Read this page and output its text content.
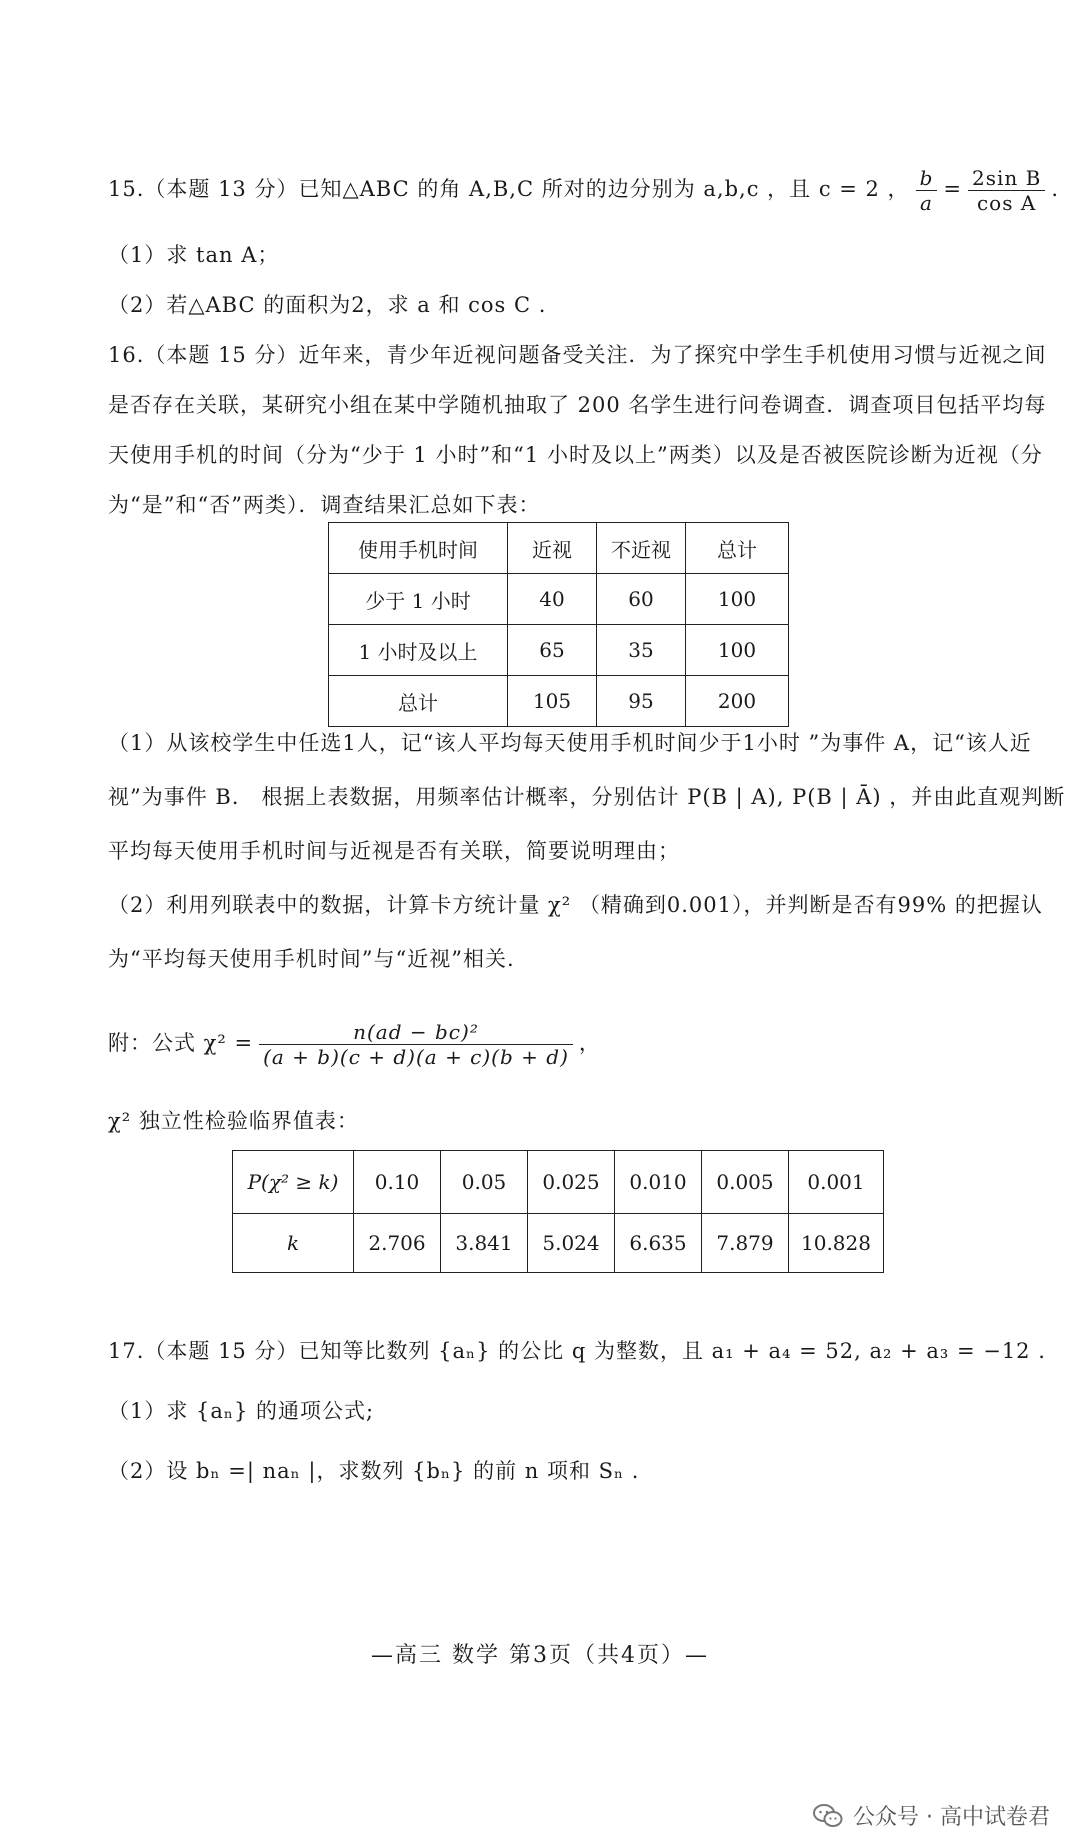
15.（本题 13 分）已知△ABC 的角 A,B,C 所对的边分别为 a,b,c ，且 c = 2 ， $\frac{b}{a} = \frac{\text{2sin B}}{\text{cos A}}$ .
（1）求 tan A；
（2）若△ABC 的面积为2，求 a 和 cos C .
16.（本题 15 分）近年来，青少年近视问题备受关注．为了探究中学生手机使用习惯与近视之间
是否存在关联，某研究小组在某中学随机抽取了 200 名学生进行问卷调查．调查项目包括平均每
天使用手机的时间（分为“少于 1 小时”和“1 小时及以上”两类）以及是否被医院诊断为近视（分
为“是”和“否”两类）．调查结果汇总如下表：
使用手机时间	近视	不近视	总计
少于 1 小时	40	60	100
1 小时及以上	65	35	100
总计	105	95	200
（1）从该校学生中任选1人，记“该人平均每天使用手机时间少于1小时 ”为事件 A，记“该人近
视”为事件 B． 根据上表数据，用频率估计概率，分别估计 P(B | A), P(B | Ā) ，并由此直观判断
平均每天使用手机时间与近视是否有关联，简要说明理由；
（2）利用列联表中的数据，计算卡方统计量 χ² （精确到0.001），并判断是否有99% 的把握认
为“平均每天使用手机时间”与“近视”相关.
附：公式 $\chi^2 = \frac{\text{n(ad − bc)²}}{(a + b)(c + d)(a + c)(b + d)}$ ，
χ² 独立性检验临界值表：
P(χ² ≥ k)	0.10	0.05	0.025	0.010	0.005	0.001
k	2.706	3.841	5.024	6.635	7.879	10.828
17.（本题 15 分）已知等比数列 {aₙ} 的公比 q 为整数，且 a₁ + a₄ = 52, a₂ + a₃ = −12 .
（1）求 {aₙ} 的通项公式;
（2）设 bₙ =| naₙ |，求数列 {bₙ} 的前 n 项和 Sₙ .
—高三 数学 第3页（共4页）—
公众号 · 高中试卷君
